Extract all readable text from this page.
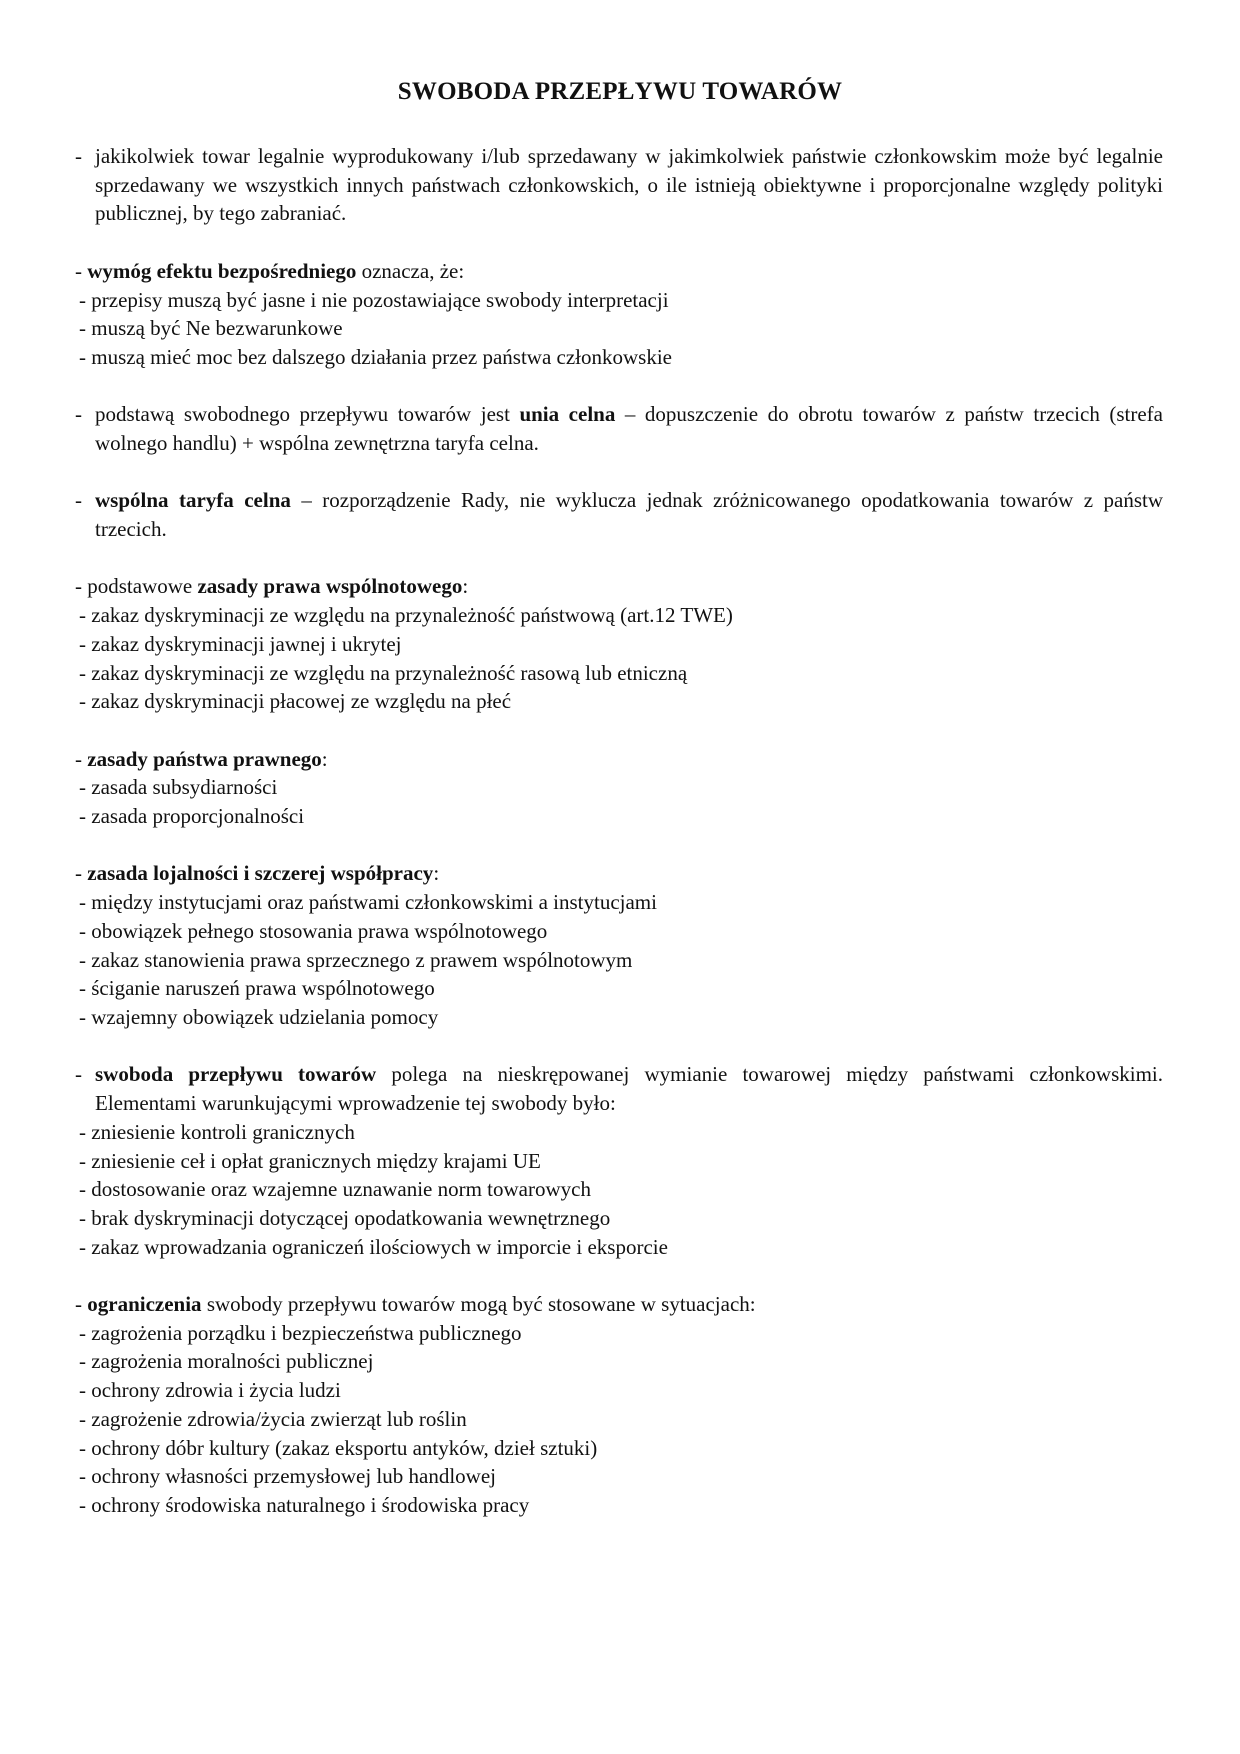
SWOBODA PRZEPŁYWU TOWARÓW
- jakikolwiek towar legalnie wyprodukowany i/lub sprzedawany w jakimkolwiek państwie członkowskim może być legalnie sprzedawany we wszystkich innych państwach członkowskich, o ile istnieją obiektywne i proporcjonalne względy polityki publicznej, by tego zabraniać.
- wymóg efektu bezpośredniego oznacza, że:
- przepisy muszą być jasne i nie pozostawiające swobody interpretacji
- muszą być Ne bezwarunkowe
- muszą mieć moc bez dalszego działania przez państwa członkowskie
- podstawą swobodnego przepływu towarów jest unia celna – dopuszczenie do obrotu towarów z państw trzecich (strefa wolnego handlu) + wspólna zewnętrzna taryfa celna.
- wspólna taryfa celna – rozporządzenie Rady, nie wyklucza jednak zróżnicowanego opodatkowania towarów z państw trzecich.
- podstawowe zasady prawa wspólnotowego:
- zakaz dyskryminacji ze względu na przynależność państwową (art.12 TWE)
- zakaz dyskryminacji jawnej i ukrytej
- zakaz dyskryminacji ze względu na przynależność rasową lub etniczną
- zakaz dyskryminacji płacowej ze względu na płeć
- zasady państwa prawnego:
- zasada subsydiarności
- zasada proporcjonalności
- zasada lojalności i szczerej współpracy:
- między instytucjami oraz państwami członkowskimi a instytucjami
- obowiązek pełnego stosowania prawa wspólnotowego
- zakaz stanowienia prawa sprzecznego z prawem wspólnotowym
- ściganie naruszeń prawa wspólnotowego
- wzajemny obowiązek udzielania pomocy
- swoboda przepływu towarów polega na nieskrępowanej wymianie towarowej między państwami członkowskimi. Elementami warunkującymi wprowadzenie tej swobody było:
- zniesienie kontroli granicznych
- zniesienie ceł i opłat granicznych między krajami UE
- dostosowanie oraz wzajemne uznawanie norm towarowych
- brak dyskryminacji dotyczącej opodatkowania wewnętrznego
- zakaz wprowadzania ograniczeń ilościowych w imporcie i eksporcie
- ograniczenia swobody przepływu towarów mogą być stosowane w sytuacjach:
- zagrożenia porządku i bezpieczeństwa publicznego
- zagrożenia moralności publicznej
- ochrony zdrowia i życia ludzi
- zagrożenie zdrowia/życia zwierząt lub roślin
- ochrony dóbr kultury (zakaz eksportu antyków, dzieł sztuki)
- ochrony własności przemysłowej lub handlowej
- ochrony środowiska naturalnego i środowiska pracy
